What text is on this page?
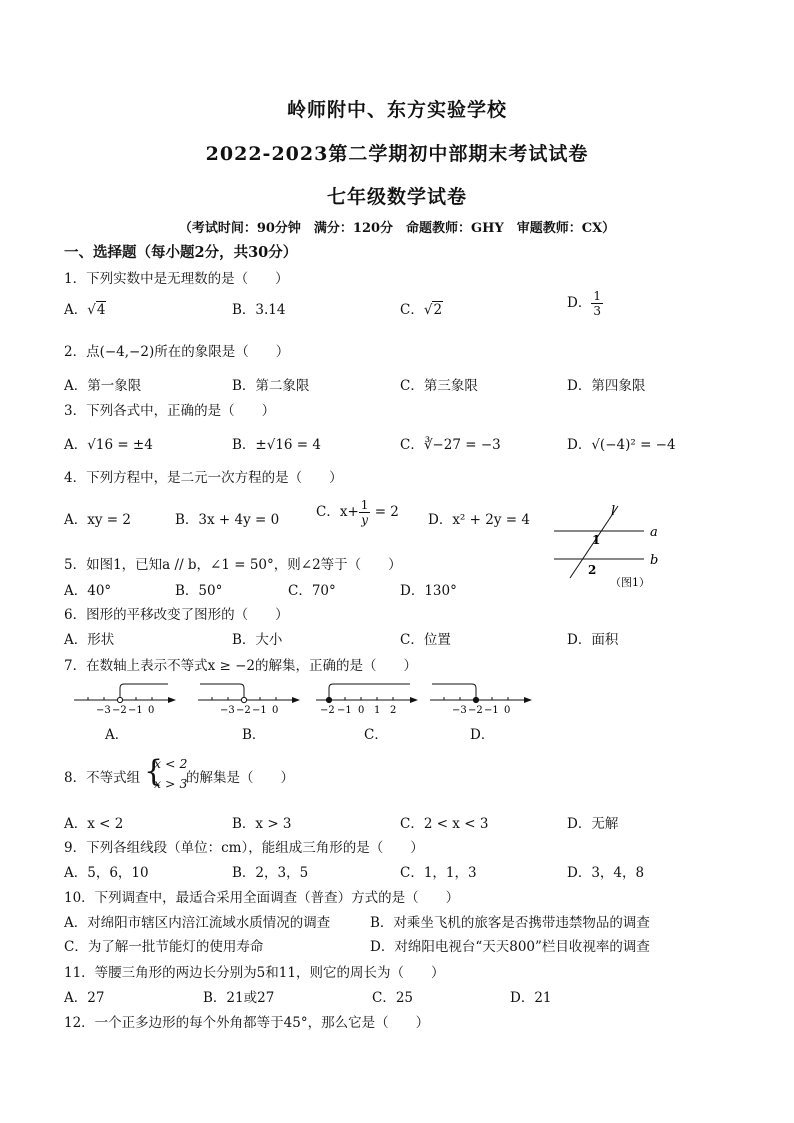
岭师附中、东方实验学校
2022-2023第二学期初中部期末考试试卷
七年级数学试卷
（考试时间：90分钟　满分：120分　命题教师：GHY　审题教师：CX）
一、选择题（每小题2分，共30分）
1．下列实数中是无理数的是（　　）
A．√4	B．3.14	C．√2	D． $\frac{1}{3}$
2．点(−4,−2)所在的象限是（　　）
A．第一象限	B．第二象限	C．第三象限	D．第四象限
3．下列各式中，正确的是（　　）
A．√16 = ±4	B．±√16 = 4	C．∛−27 = −3	D．√(−4)² = −4
4．下列方程中，是二元一次方程的是（　　）
A．xy = 2	B．3x + 4y = 0	C．$x+ \frac{1}{y} = 2$ D．x² + 2y = 4
5．如图1，已知a // b，∠1 = 50°，则∠2等于（　　）
A．40°	B．50°	C．70°	D．130°
l
a
b
1
2
（图1）
6．图形的平移改变了图形的（　　）
A．形状	B．大小	C．位置	D．面积
7．在数轴上表示不等式x ≥ −2的解集，正确的是（　　）
−3 −2 −1 0	−3 −2 −1 0	−2 −1 0 1 2	−3 −2 −1 0
A．	B．	C．	D．
8．不等式组 {
x < 2
x > 3
的解集是（　　）
A．x < 2	B．x > 3	C．2 < x < 3	D．无解
9．下列各组线段（单位：cm），能组成三角形的是（　　）
A．5，6，10	B．2，3，5	C．1，1，3	D．3，4，8
10．下列调查中，最适合采用全面调查（普查）方式的是（　　）
A．对绵阳市辖区内涪江流域水质情况的调查	B．对乘坐飞机的旅客是否携带违禁物品的调查
C．为了解一批节能灯的使用寿命	D．对绵阳电视台“天天800”栏目收视率的调查
11．等腰三角形的两边长分别为5和11，则它的周长为（　　）
A．27	B．21或27	C．25	D．21
12．一个正多边形的每个外角都等于45°，那么它是（　　）
